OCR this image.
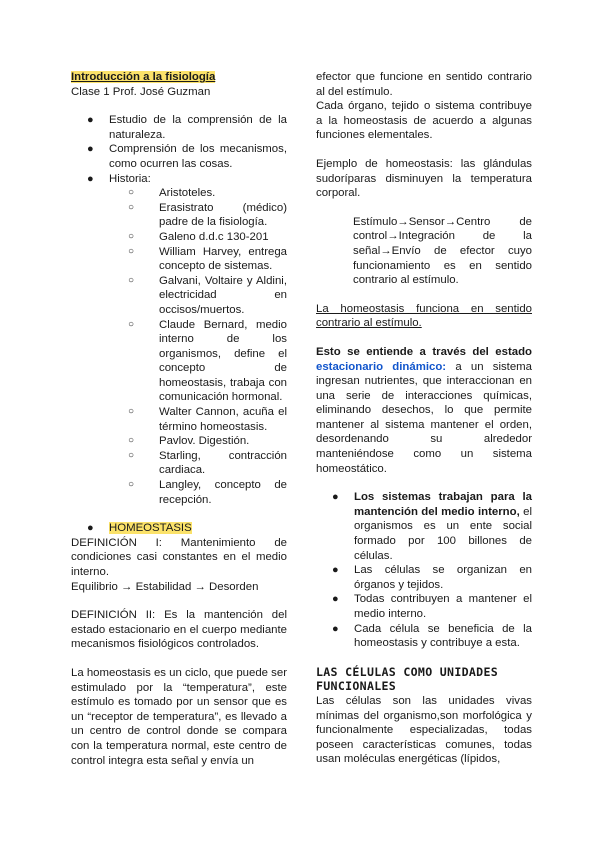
Introducción a la fisiología

Clase 1 Prof. José Guzman

● Estudio de la comprensión de la naturaleza.
● Comprensión de los mecanismos, como ocurren las cosas.
● Historia:
○ Aristoteles.
○ Erasistrato (médico) padre de la fisiología.
○ Galeno d.d.c 130-201
○ William Harvey, entrega concepto de sistemas.
○ Galvani, Voltaire y Aldini, electricidad en occisos/muertos.
○ Claude Bernard, medio interno de los organismos, define el concepto de homeostasis, trabaja con comunicación hormonal.
○ Walter Cannon, acuña el término homeostasis.
○ Pavlov. Digestión.
○ Starling, contracción cardiaca.
○ Langley, concepto de recepción.
● HOMEOSTASIS

DEFINICIÓN I: Mantenimiento de condiciones casi constantes en el medio interno.

Equilibrio → Estabilidad → Desorden

DEFINICIÓN II: Es la mantención del estado estacionario en el cuerpo mediante mecanismos fisiológicos controlados.

La homeostasis es un ciclo, que puede ser estimulado por la “temperatura”, este estímulo es tomado por un sensor que es un “receptor de temperatura”, es llevado a un centro de control donde se compara con la temperatura normal, este centro de control integra esta señal y envía un

efector que funcione en sentido contrario al del estímulo.

Cada órgano, tejido o sistema contribuye a la homeostasis de acuerdo a algunas funciones elementales.

Ejemplo de homeostasis: las glándulas sudoríparas disminuyen la temperatura corporal.

Estímulo→Sensor→Centro de control→Integración de la señal→Envío de efector cuyo funcionamiento es en sentido contrario al estímulo.

La homeostasis funciona en sentido contrario al estímulo.

Esto se entiende a través del estado estacionario dinámico: a un sistema ingresan nutrientes, que interaccionan en una serie de interacciones químicas, eliminando desechos, lo que permite mantener al sistema mantener el orden, desordenando su alrededor manteniéndose como un sistema homeostático.

● Los sistemas trabajan para la mantención del medio interno, el organismos es un ente social formado por 100 billones de células.
● Las células se organizan en órganos y tejidos.
● Todas contribuyen a mantener el medio interno.
● Cada célula se beneficia de la homeostasis y contribuye a esta.

LAS CÉLULAS COMO UNIDADES FUNCIONALES

Las células son las unidades vivas mínimas del organismo,son morfológica y funcionalmente especializadas, todas poseen características comunes, todas usan moléculas energéticas (lípidos,
